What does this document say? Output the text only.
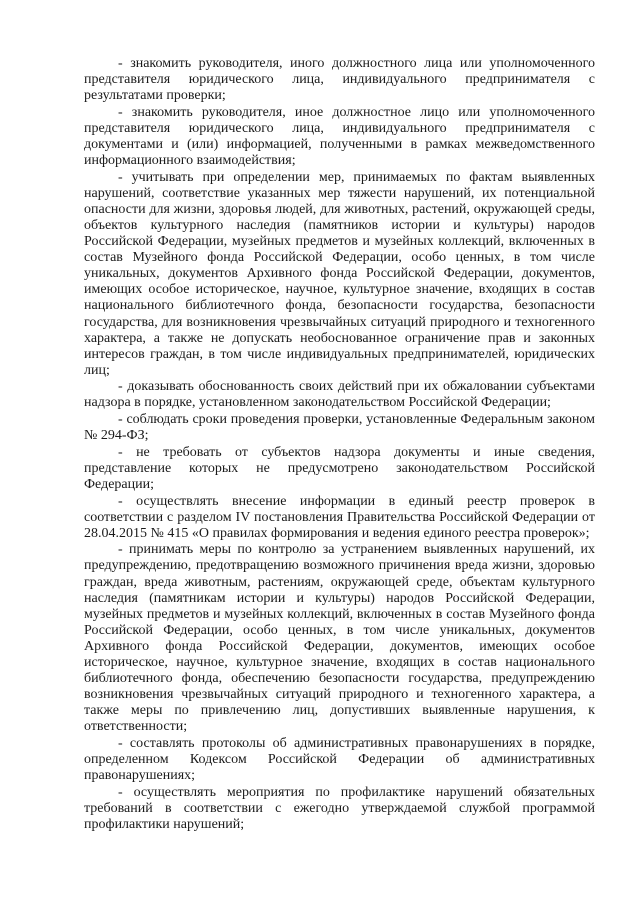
- знакомить руководителя, иного должностного лица или уполномоченного представителя юридического лица, индивидуального предпринимателя с результатами проверки;

- знакомить руководителя, иное должностное лицо или уполномоченного представителя юридического лица, индивидуального предпринимателя с документами и (или) информацией, полученными в рамках межведомственного информационного взаимодействия;

- учитывать при определении мер, принимаемых по фактам выявленных нарушений, соответствие указанных мер тяжести нарушений, их потенциальной опасности для жизни, здоровья людей, для животных, растений, окружающей среды, объектов культурного наследия (памятников истории и культуры) народов Российской Федерации, музейных предметов и музейных коллекций, включенных в состав Музейного фонда Российской Федерации, особо ценных, в том числе уникальных, документов Архивного фонда Российской Федерации, документов, имеющих особое историческое, научное, культурное значение, входящих в состав национального библиотечного фонда, безопасности государства, безопасности государства, для возникновения чрезвычайных ситуаций природного и техногенного характера, а также не допускать необоснованное ограничение прав и законных интересов граждан, в том числе индивидуальных предпринимателей, юридических лиц;

- доказывать обоснованность своих действий при их обжаловании субъектами надзора в порядке, установленном законодательством Российской Федерации;

- соблюдать сроки проведения проверки, установленные Федеральным законом № 294-ФЗ;

- не требовать от субъектов надзора документы и иные сведения, представление которых не предусмотрено законодательством Российской Федерации;

- осуществлять внесение информации в единый реестр проверок в соответствии с разделом IV постановления Правительства Российской Федерации от 28.04.2015 № 415 «О правилах формирования и ведения единого реестра проверок»;

- принимать меры по контролю за устранением выявленных нарушений, их предупреждению, предотвращению возможного причинения вреда жизни, здоровью граждан, вреда животным, растениям, окружающей среде, объектам культурного наследия (памятникам истории и культуры) народов Российской Федерации, музейных предметов и музейных коллекций, включенных в состав Музейного фонда Российской Федерации, особо ценных, в том числе уникальных, документов Архивного фонда Российской Федерации, документов, имеющих особое историческое, научное, культурное значение, входящих в состав национального библиотечного фонда, обеспечению безопасности государства, предупреждению возникновения чрезвычайных ситуаций природного и техногенного характера, а также меры по привлечению лиц, допустивших выявленные нарушения, к ответственности;

- составлять протоколы об административных правонарушениях в порядке, определенном Кодексом Российской Федерации об административных правонарушениях;

- осуществлять мероприятия по профилактике нарушений обязательных требований в соответствии с ежегодно утверждаемой службой программой профилактики нарушений;
